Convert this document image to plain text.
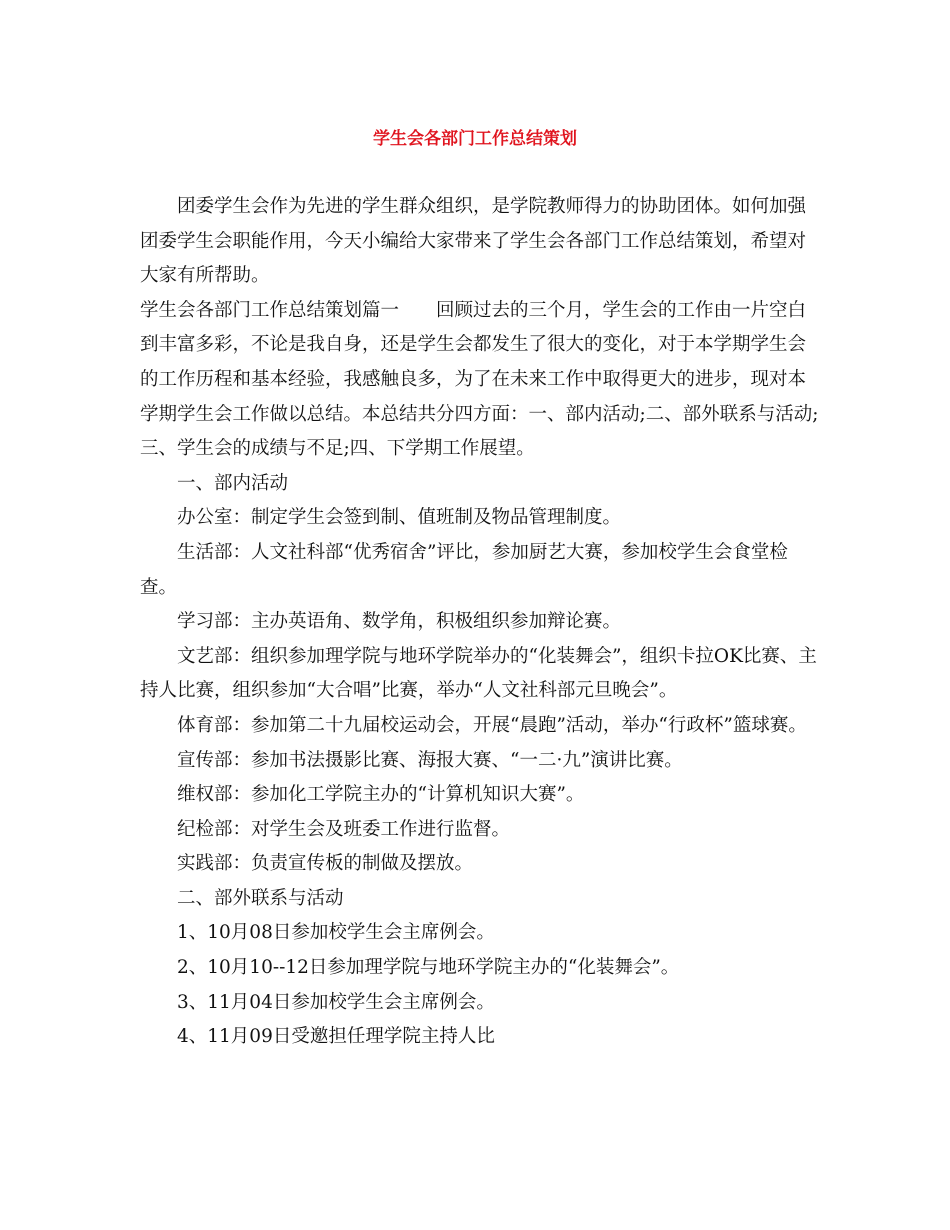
学生会各部门工作总结策划

团委学生会作为先进的学生群众组织，是学院教师得力的协助团体。如何加强团委学生会职能作用，今天小编给大家带来了学生会各部门工作总结策划，希望对大家有所帮助。

学生会各部门工作总结策划篇一　　回顾过去的三个月，学生会的工作由一片空白到丰富多彩，不论是我自身，还是学生会都发生了很大的变化，对于本学期学生会的工作历程和基本经验，我感触良多，为了在未来工作中取得更大的进步，现对本学期学生会工作做以总结。本总结共分四方面：一、部内活动;二、部外联系与活动;三、学生会的成绩与不足;四、下学期工作展望。

一、部内活动

办公室：制定学生会签到制、值班制及物品管理制度。

生活部：人文社科部“优秀宿舍”评比，参加厨艺大赛，参加校学生会食堂检查。

学习部：主办英语角、数学角，积极组织参加辩论赛。

文艺部：组织参加理学院与地环学院举办的“化装舞会”，组织卡拉OK比赛、主持人比赛，组织参加“大合唱”比赛，举办“人文社科部元旦晚会”。

体育部：参加第二十九届校运动会，开展“晨跑”活动，举办“行政杯”篮球赛。

宣传部：参加书法摄影比赛、海报大赛、“一二·九”演讲比赛。

维权部：参加化工学院主办的“计算机知识大赛”。

纪检部：对学生会及班委工作进行监督。

实践部：负责宣传板的制做及摆放。

二、部外联系与活动

1、10月08日参加校学生会主席例会。

2、10月10--12日参加理学院与地环学院主办的“化装舞会”。

3、11月04日参加校学生会主席例会。

4、11月09日受邀担任理学院主持人比
